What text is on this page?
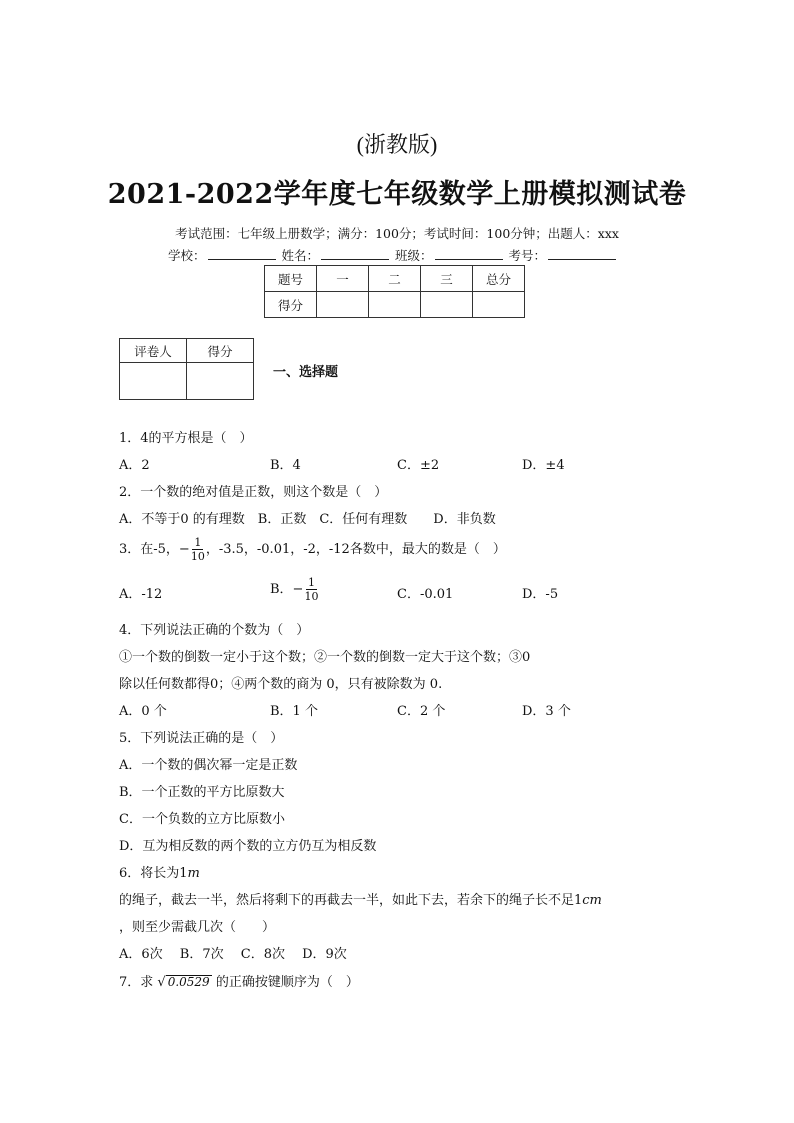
(浙教版)
2021-2022学年度七年级数学上册模拟测试卷
考试范围：七年级上册数学；满分：100分；考试时间：100分钟；出题人：xxx
学校：	姓名：	班级：	考号：
题号	一	二	三	总分
得分				
评卷人	得分

一、选择题
1．4的平方根是（　）
A．2	B．4	C．±2	D．±4
2．一个数的绝对值是正数，则这个数是（　）
A．不等于0 的有理数　B．正数　C．任何有理数　　D．非负数
3．在-5，− $\frac{1}{10}$ ，-3.5，-0.01，-2，-12各数中，最大的数是（　）
A．-12	B．− $\frac{1}{10}$	C．-0.01	D．-5
4．下列说法正确的个数为（　）
①一个数的倒数一定小于这个数；②一个数的倒数一定大于这个数；③0
除以任何数都得0；④两个数的商为 0，只有被除数为 0.
A．0 个	B．1 个	C．2 个	D．3 个
5．下列说法正确的是（　）
A．一个数的偶次幂一定是正数
B．一个正数的平方比原数大
C．一个负数的立方比原数小
D．互为相反数的两个数的立方仍互为相反数
6．将长为1m
的绳子，截去一半，然后将剩下的再截去一半，如此下去，若余下的绳子长不足1cm
，则至少需截几次（　　）
A．6次　 B．7次　 C．8次　 D．9次
7．求 √ 0.0529 的正确按键顺序为（　）
